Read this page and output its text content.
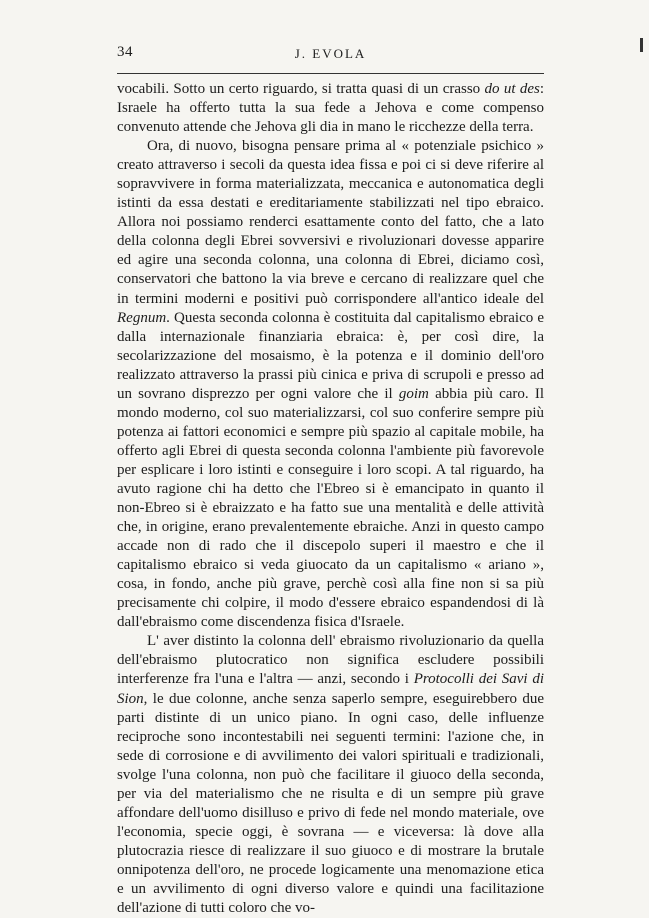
34	J. EVOLA

vocabili. Sotto un certo riguardo, si tratta quasi di un crasso do ut des: Israele ha offerto tutta la sua fede a Jehova e come compenso convenuto attende che Jehova gli dia in mano le ricchezze della terra.

Ora, di nuovo, bisogna pensare prima al « potenziale psichico » creato attraverso i secoli da questa idea fissa e poi ci si deve riferire al sopravvivere in forma materializzata, meccanica e autonomatica degli istinti da essa destati e ereditariamente stabilizzati nel tipo ebraico. Allora noi possiamo renderci esattamente conto del fatto, che a lato della colonna degli Ebrei sovversivi e rivoluzionari dovesse apparire ed agire una seconda colonna, una colonna di Ebrei, diciamo così, conservatori che battono la via breve e cercano di realizzare quel che in termini moderni e positivi può corrispondere all'antico ideale del Regnum. Questa seconda colonna è costituita dal capitalismo ebraico e dalla internazionale finanziaria ebraica: è, per così dire, la secolarizzazione del mosaismo, è la potenza e il dominio dell'oro realizzato attraverso la prassi più cinica e priva di scrupoli e presso ad un sovrano disprezzo per ogni valore che il goim abbia più caro. Il mondo moderno, col suo materializzarsi, col suo conferire sempre più potenza ai fattori economici e sempre più spazio al capitale mobile, ha offerto agli Ebrei di questa seconda colonna l'ambiente più favorevole per esplicare i loro istinti e conseguire i loro scopi. A tal riguardo, ha avuto ragione chi ha detto che l'Ebreo si è emancipato in quanto il non-Ebreo si è ebraizzato e ha fatto sue una mentalità e delle attività che, in origine, erano prevalentemente ebraiche. Anzi in questo campo accade non di rado che il discepolo superi il maestro e che il capitalismo ebraico si veda giuocato da un capitalismo « ariano », cosa, in fondo, anche più grave, perchè così alla fine non si sa più precisamente chi colpire, il modo d'essere ebraico espandendosi di là dall'ebraismo come discendenza fisica d'Israele.

L' aver distinto la colonna dell' ebraismo rivoluzionario da quella dell'ebraismo plutocratico non significa escludere possibili interferenze fra l'una e l'altra — anzi, secondo i Protocolli dei Savi di Sion, le due colonne, anche senza saperlo sempre, eseguirebbero due parti distinte di un unico piano. In ogni caso, delle influenze reciproche sono incontestabili nei seguenti termini: l'azione che, in sede di corrosione e di avvilimento dei valori spirituali e tradizionali, svolge l'una colonna, non può che facilitare il giuoco della seconda, per via del materialismo che ne risulta e di un sempre più grave affondare dell'uomo disilluso e privo di fede nel mondo materiale, ove l'economia, specie oggi, è sovrana — e viceversa: là dove alla plutocrazia riesce di realizzare il suo giuoco e di mostrare la brutale onnipotenza dell'oro, ne procede logicamente una menomazione etica e un avvilimento di ogni diverso valore e quindi una facilitazione dell'azione di tutti coloro che vo-
